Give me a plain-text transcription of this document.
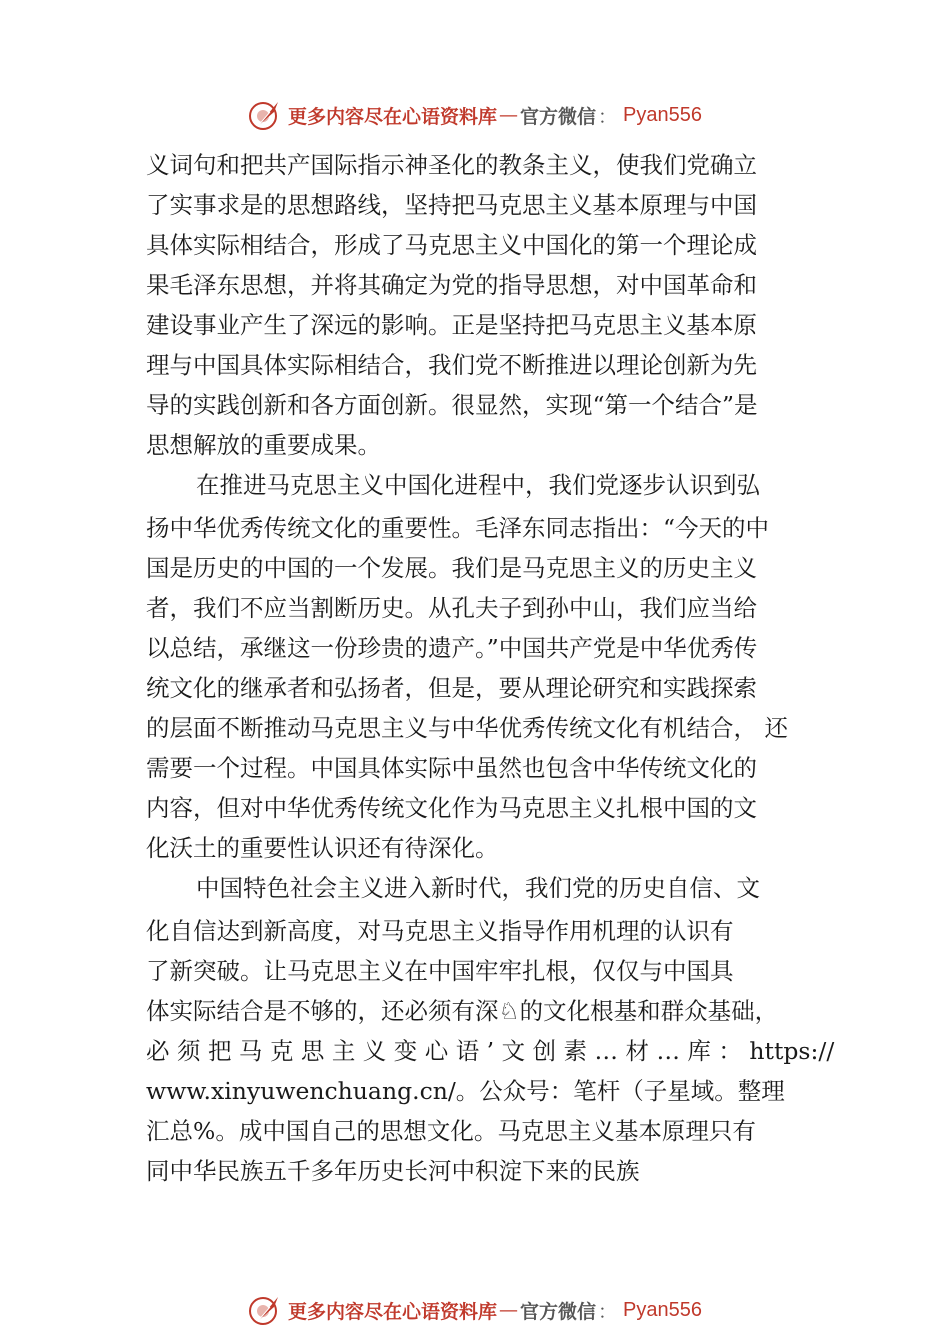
更多内容尽在心语资料库 — 官方微信 ： Pyan556
义词句和把共产国际指示神圣化的教条主义，使我们党确立
了实事求是的思想路线，坚持把马克思主义基本原理与中国
具体实际相结合，形成了马克思主义中国化的第一个理论成
果毛泽东思想，并将其确定为党的指导思想，对中国革命和
建设事业产生了深远的影响。正是坚持把马克思主义基本原
理与中国具体实际相结合，我们党不断推进以理论创新为先
导的实践创新和各方面创新。很显然，实现“第一个结合”是
思想解放的重要成果。
在推进马克思主义中国化进程中，我们党逐步认识到弘
扬中华优秀传统文化的重要性。毛泽东同志指出：“今天的中
国是历史的中国的一个发展。我们是马克思主义的历史主义
者，我们不应当割断历史。从孔夫子到孙中山，我们应当给
以总结，承继这一份珍贵的遗产。”中国共产党是中华优秀传
统文化的继承者和弘扬者，但是，要从理论研究和实践探索
的层面不断推动马克思主义与中华优秀传统文化有机结合， 还
需要一个过程。中国具体实际中虽然也包含中华传统文化的
内容，但对中华优秀传统文化作为马克思主义扎根中国的文
化沃土的重要性认识还有待深化。
中国特色社会主义进入新时代，我们党的历史自信、文
化自信达到新高度，对马克思主义指导作用机理的认识有
了新突破。让马克思主义在中国牢牢扎根，仅仅与中国具
体实际结合是不够的，还必须有深♘的文化根基和群众基础，
必 须 把 马 克 思 主 义 变 心 语 ’ 文 创 素 … 材 … 库 ： https://
www.xinyuwenchuang.cn/。公众号：笔杆（子星域。整理
汇总%。成中国自己的思想文化。马克思主义基本原理只有
同中华民族五千多年历史长河中积淀下来的民族
更多内容尽在心语资料库 — 官方微信 ： Pyan556
